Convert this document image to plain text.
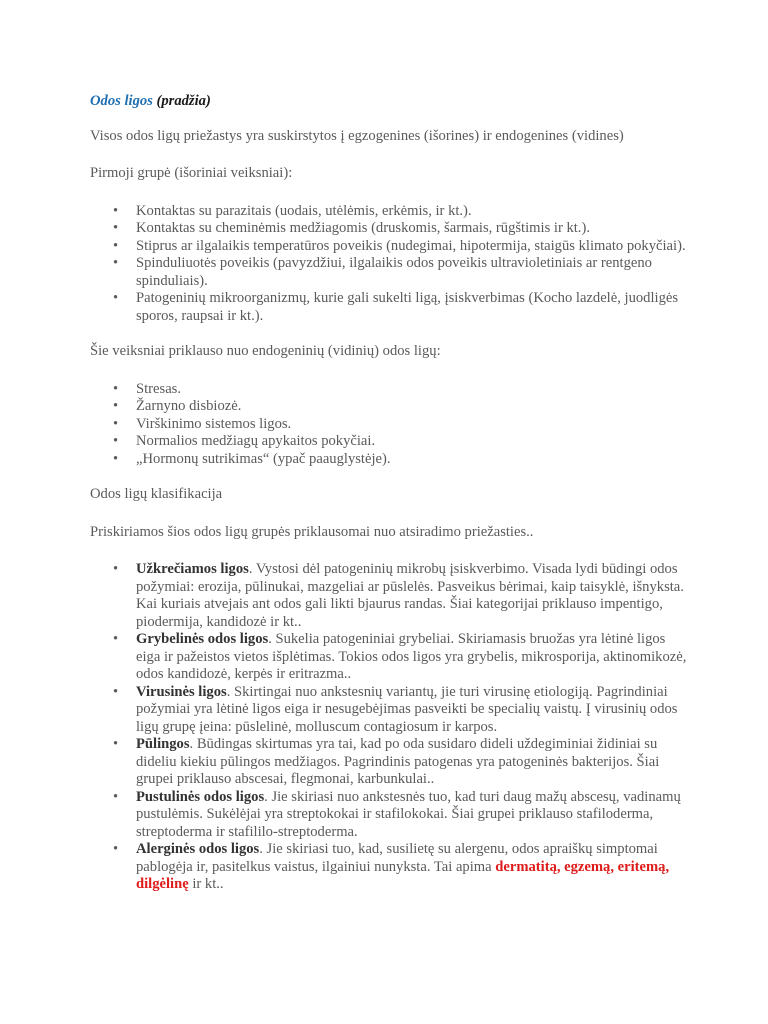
Odos ligos (pradžia)

Visos odos ligų priežastys yra suskirstytos į egzogenines (išorines) ir endogenines (vidines)

Pirmoji grupė (išoriniai veiksniai):

• Kontaktas su parazitais (uodais, utėlėmis, erkėmis, ir kt.).
• Kontaktas su cheminėmis medžiagomis (druskomis, šarmais, rūgštimis ir kt.).
• Stiprus ar ilgalaikis temperatūros poveikis (nudegimai, hipotermija, staigūs klimato pokyčiai).
• Spinduliuotės poveikis (pavyzdžiui, ilgalaikis odos poveikis ultravioletiniais ar rentgeno spinduliais).
• Patogeninių mikroorganizmų, kurie gali sukelti ligą, įsiskverbimas (Kocho lazdelė, juodligės sporos, raupsai ir kt.).

Šie veiksniai priklauso nuo endogeninių (vidinių) odos ligų:

• Stresas.
• Žarnyno disbiozė.
• Virškinimo sistemos ligos.
• Normalios medžiagų apykaitos pokyčiai.
• „Hormonų sutrikimas“ (ypač paauglystėje).

Odos ligų klasifikacija

Priskiriamos šios odos ligų grupės priklausomai nuo atsiradimo priežasties..

• Užkrečiamos ligos. Vystosi dėl patogeninių mikrobų įsiskverbimo. Visada lydi būdingi odos požymiai: erozija, pūlinukai, mazgeliai ar pūslelės. Pasveikus bėrimai, kaip taisyklė, išnyksta. Kai kuriais atvejais ant odos gali likti bjaurus randas. Šiai kategorijai priklauso impentigo, piodermija, kandidozė ir kt..
• Grybelinės odos ligos. Sukelia patogeniniai grybeliai. Skiriamasis bruožas yra lėtinė ligos eiga ir pažeistos vietos išplėtimas. Tokios odos ligos yra grybelis, mikrosporija, aktinomikozė, odos kandidozė, kerpės ir eritrazma..
• Virusinės ligos. Skirtingai nuo ankstesnių variantų, jie turi virusinę etiologiją. Pagrindiniai požymiai yra lėtinė ligos eiga ir nesugebėjimas pasveikti be specialių vaistų. Į virusinių odos ligų grupę įeina: pūslelinė, molluscum contagiosum ir karpos.
• Pūlingos. Būdingas skirtumas yra tai, kad po oda susidaro dideli uždegiminiai židiniai su dideliu kiekiu pūlingos medžiagos. Pagrindinis patogenas yra patogeninės bakterijos. Šiai grupei priklauso abscesai, flegmonai, karbunkulai..
• Pustulinės odos ligos. Jie skiriasi nuo ankstesnės tuo, kad turi daug mažų abscesų, vadinamų pustulėmis. Sukėlėjai yra streptokokai ir stafilokokai. Šiai grupei priklauso stafiloderma, streptoderma ir stafililo-streptoderma.
• Alerginės odos ligos. Jie skiriasi tuo, kad, susilietę su alergenu, odos apraiškų simptomai pablogėja ir, pasitelkus vaistus, ilgainiui nunyksta. Tai apima dermatitą, egzemą, eritemą, dilgėlinę ir kt..
